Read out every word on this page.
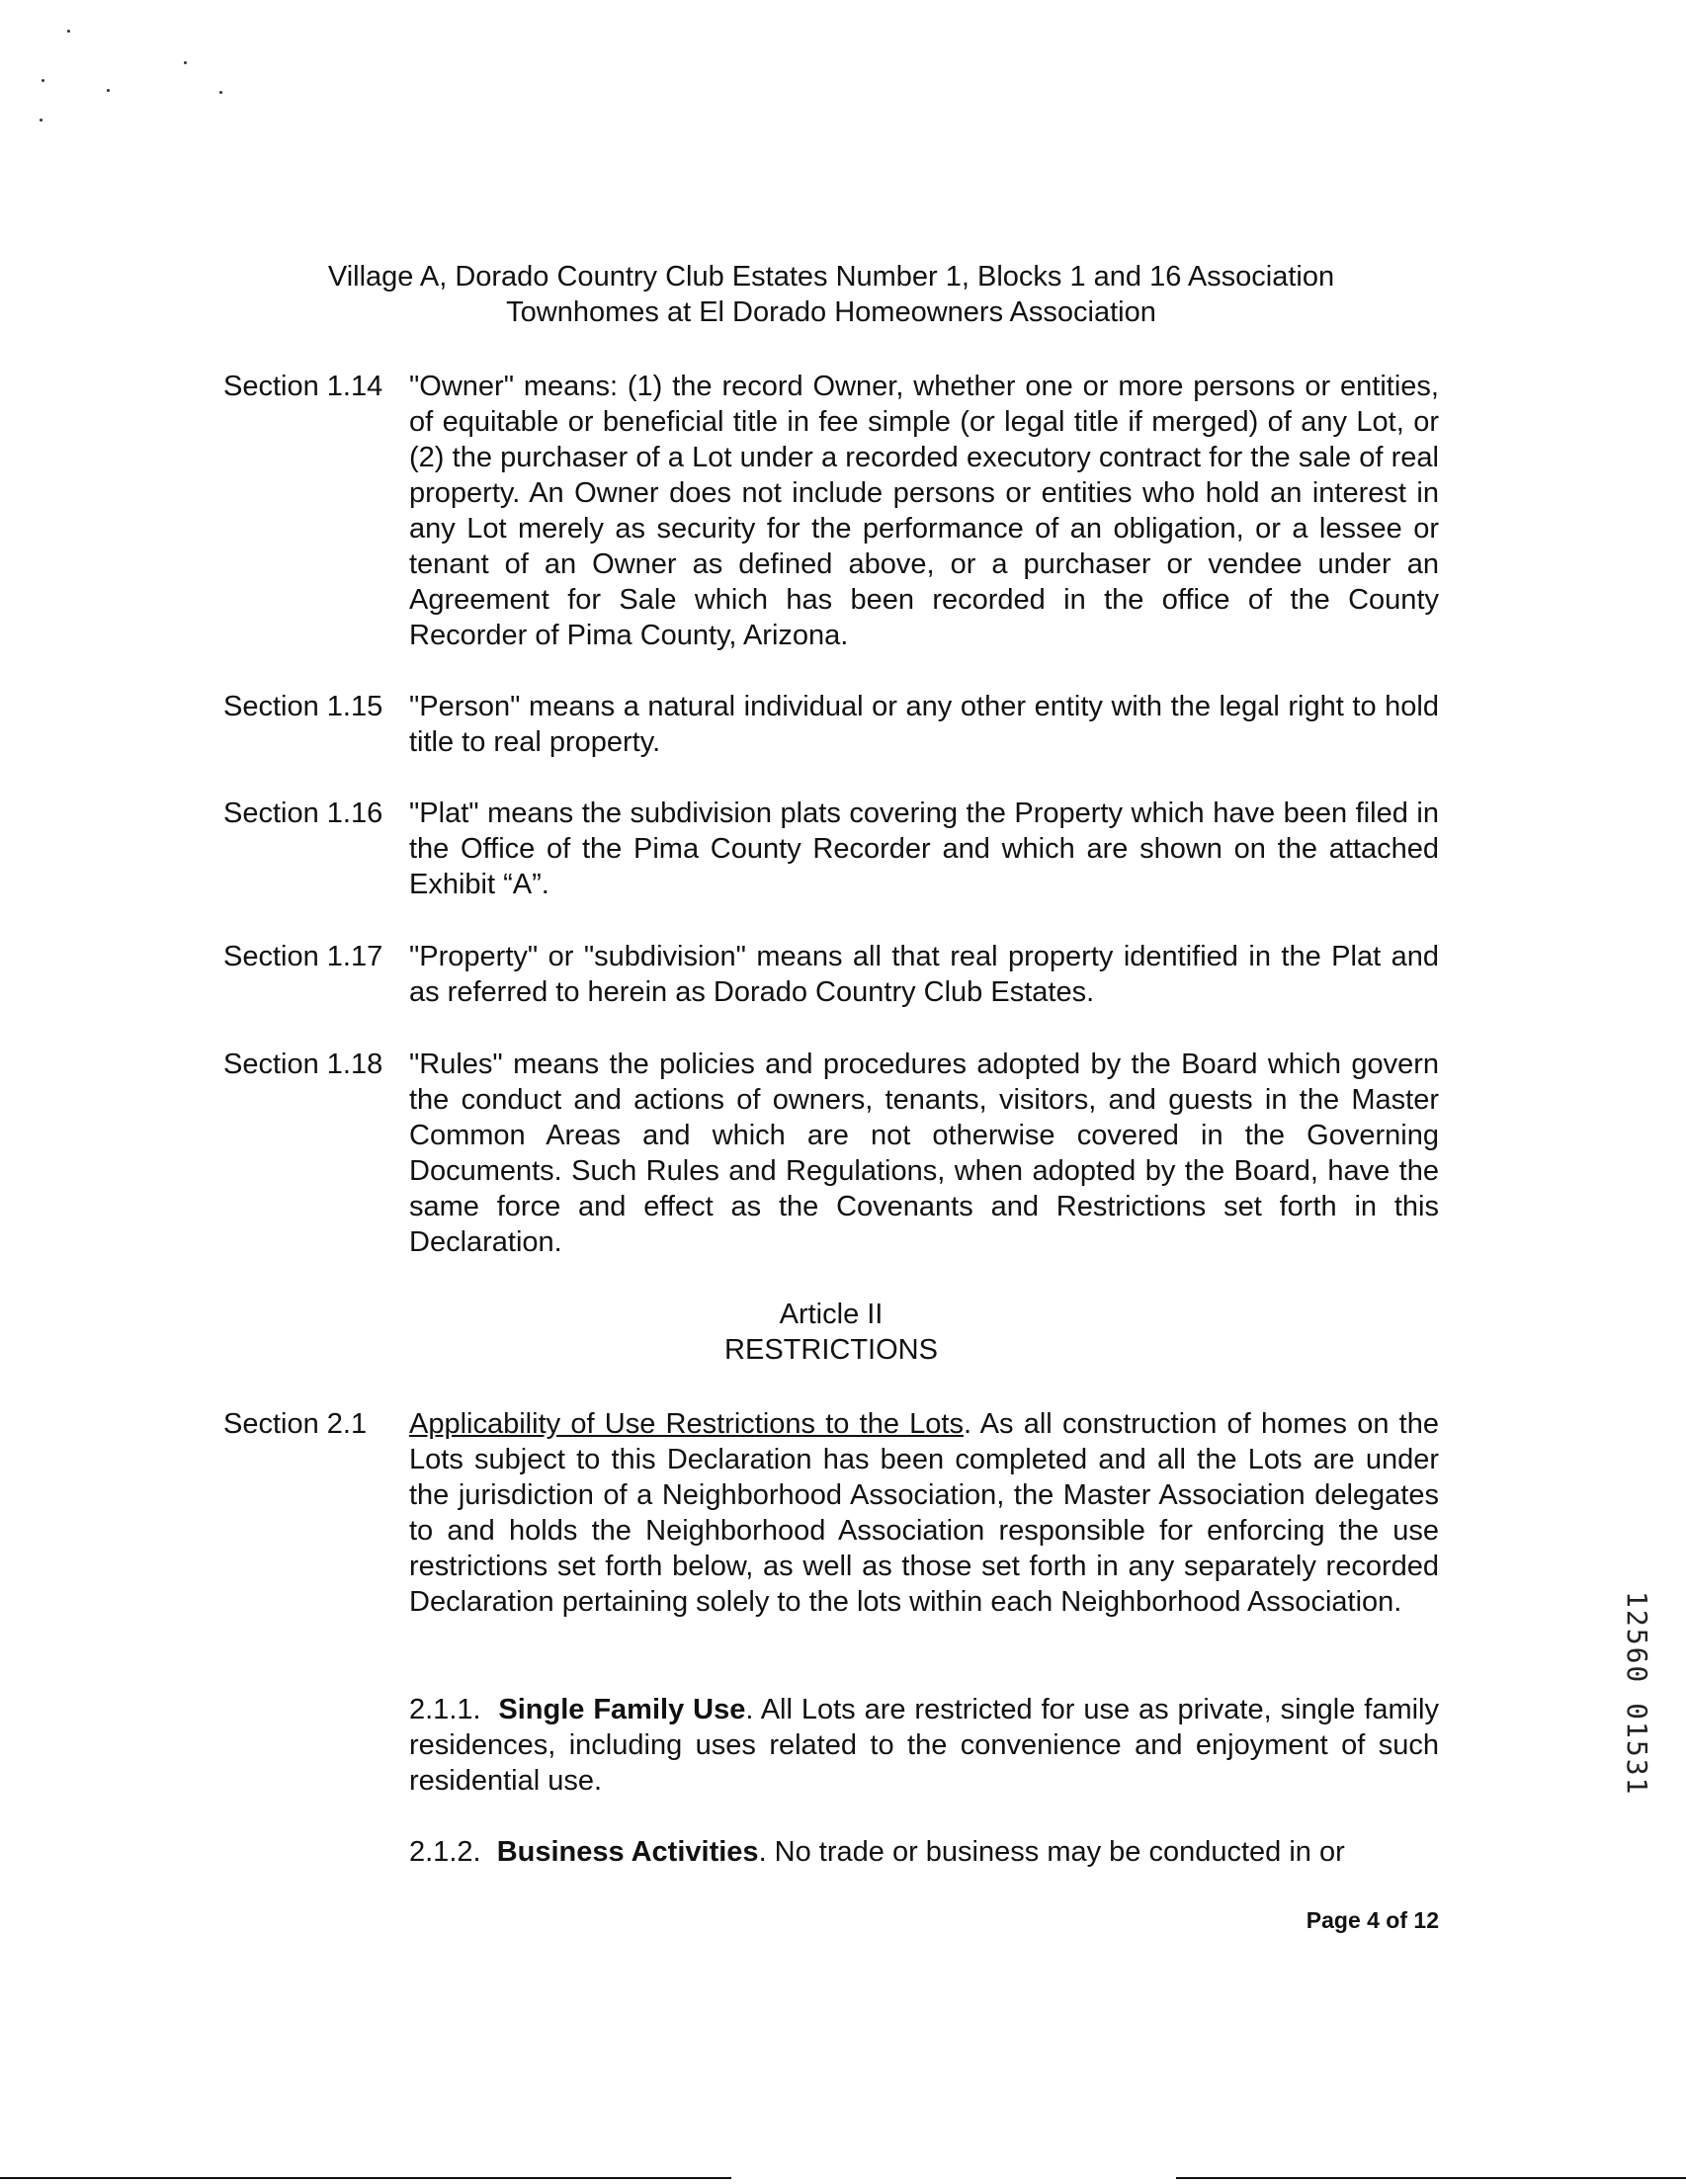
Village A, Dorado Country Club Estates Number 1, Blocks 1 and 16 Association
Townhomes at El Dorado Homeowners Association
Section 1.14 "Owner" means: (1) the record Owner, whether one or more persons or entities, of equitable or beneficial title in fee simple (or legal title if merged) of any Lot, or (2) the purchaser of a Lot under a recorded executory contract for the sale of real property. An Owner does not include persons or entities who hold an interest in any Lot merely as security for the performance of an obligation, or a lessee or tenant of an Owner as defined above, or a purchaser or vendee under an Agreement for Sale which has been recorded in the office of the County Recorder of Pima County, Arizona.
Section 1.15 "Person" means a natural individual or any other entity with the legal right to hold title to real property.
Section 1.16 "Plat" means the subdivision plats covering the Property which have been filed in the Office of the Pima County Recorder and which are shown on the attached Exhibit “A”.
Section 1.17 "Property" or "subdivision" means all that real property identified in the Plat and as referred to herein as Dorado Country Club Estates.
Section 1.18 "Rules" means the policies and procedures adopted by the Board which govern the conduct and actions of owners, tenants, visitors, and guests in the Master Common Areas and which are not otherwise covered in the Governing Documents. Such Rules and Regulations, when adopted by the Board, have the same force and effect as the Covenants and Restrictions set forth in this Declaration.
Article II
RESTRICTIONS
Section 2.1 Applicability of Use Restrictions to the Lots. As all construction of homes on the Lots subject to this Declaration has been completed and all the Lots are under the jurisdiction of a Neighborhood Association, the Master Association delegates to and holds the Neighborhood Association responsible for enforcing the use restrictions set forth below, as well as those set forth in any separately recorded Declaration pertaining solely to the lots within each Neighborhood Association.
2.1.1. Single Family Use. All Lots are restricted for use as private, single family residences, including uses related to the convenience and enjoyment of such residential use.
2.1.2. Business Activities. No trade or business may be conducted in or
Page 4 of 12
12560 01531
